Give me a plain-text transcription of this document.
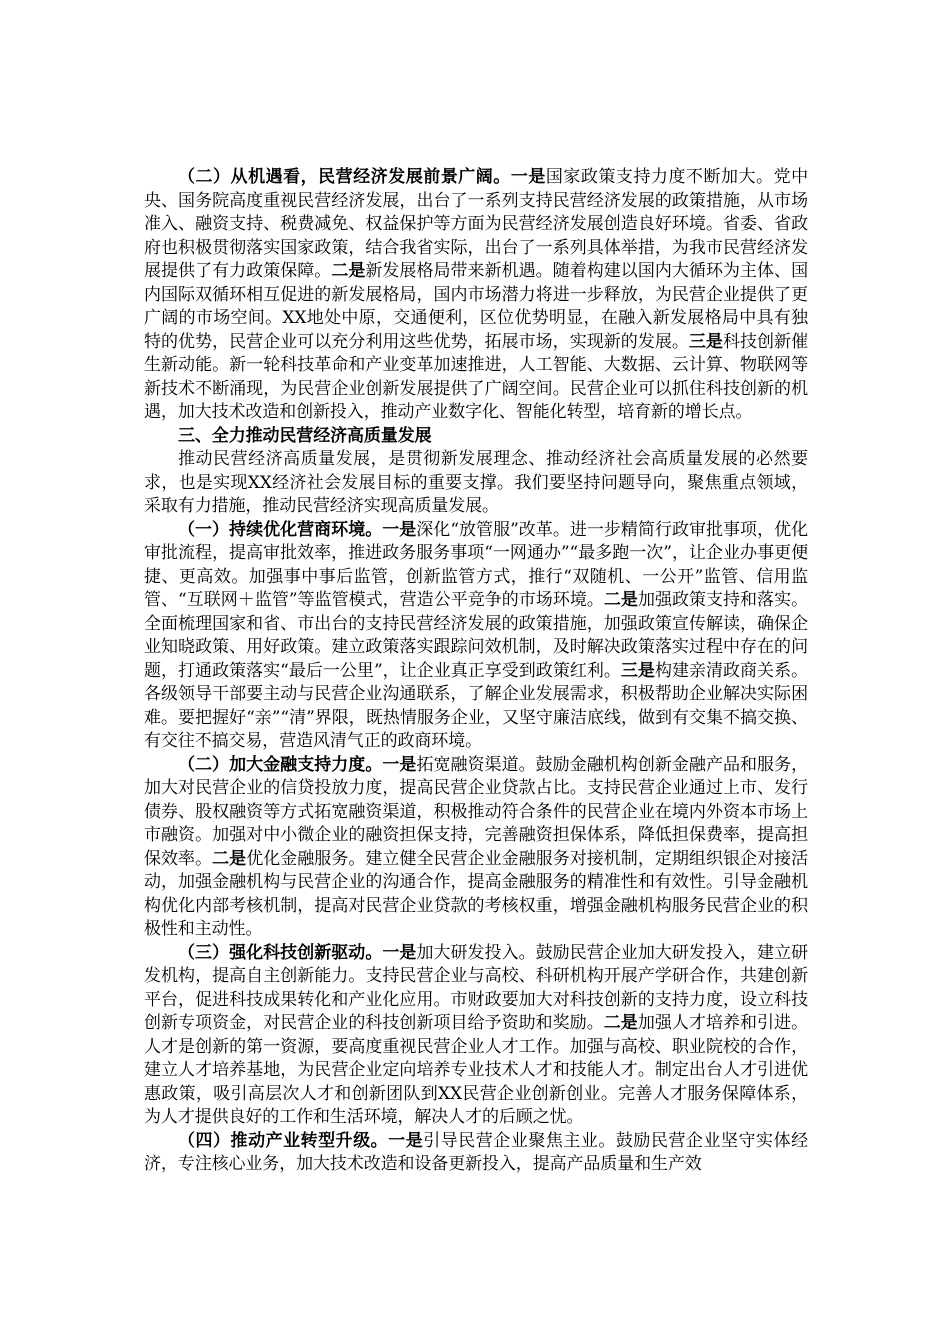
（二）从机遇看，民营经济发展前景广阔。一是国家政策支持力度不断加大。党中央、国务院高度重视民营经济发展，出台了一系列支持民营经济发展的政策措施，从市场准入、融资支持、税费减免、权益保护等方面为民营经济发展创造良好环境。省委、省政府也积极贯彻落实国家政策，结合我省实际，出台了一系列具体举措，为我市民营经济发展提供了有力政策保障。二是新发展格局带来新机遇。随着构建以国内大循环为主体、国内国际双循环相互促进的新发展格局，国内市场潜力将进一步释放，为民营企业提供了更广阔的市场空间。XX地处中原，交通便利，区位优势明显，在融入新发展格局中具有独特的优势，民营企业可以充分利用这些优势，拓展市场，实现新的发展。三是科技创新催生新动能。新一轮科技革命和产业变革加速推进，人工智能、大数据、云计算、物联网等新技术不断涌现，为民营企业创新发展提供了广阔空间。民营企业可以抓住科技创新的机遇，加大技术改造和创新投入，推动产业数字化、智能化转型，培育新的增长点。

三、全力推动民营经济高质量发展

推动民营经济高质量发展，是贯彻新发展理念、推动经济社会高质量发展的必然要求，也是实现XX经济社会发展目标的重要支撑。我们要坚持问题导向，聚焦重点领域，采取有力措施，推动民营经济实现高质量发展。

（一）持续优化营商环境。一是深化“放管服”改革。进一步精简行政审批事项，优化审批流程，提高审批效率，推进政务服务事项“一网通办”“最多跑一次”，让企业办事更便捷、更高效。加强事中事后监管，创新监管方式，推行“双随机、一公开”监管、信用监管、“互联网＋监管”等监管模式，营造公平竞争的市场环境。二是加强政策支持和落实。全面梳理国家和省、市出台的支持民营经济发展的政策措施，加强政策宣传解读，确保企业知晓政策、用好政策。建立政策落实跟踪问效机制，及时解决政策落实过程中存在的问题，打通政策落实“最后一公里”，让企业真正享受到政策红利。三是构建亲清政商关系。各级领导干部要主动与民营企业沟通联系，了解企业发展需求，积极帮助企业解决实际困难。要把握好“亲”“清”界限，既热情服务企业，又坚守廉洁底线，做到有交集不搞交换、有交往不搞交易，营造风清气正的政商环境。

（二）加大金融支持力度。一是拓宽融资渠道。鼓励金融机构创新金融产品和服务，加大对民营企业的信贷投放力度，提高民营企业贷款占比。支持民营企业通过上市、发行债券、股权融资等方式拓宽融资渠道，积极推动符合条件的民营企业在境内外资本市场上市融资。加强对中小微企业的融资担保支持，完善融资担保体系，降低担保费率，提高担保效率。二是优化金融服务。建立健全民营企业金融服务对接机制，定期组织银企对接活动，加强金融机构与民营企业的沟通合作，提高金融服务的精准性和有效性。引导金融机构优化内部考核机制，提高对民营企业贷款的考核权重，增强金融机构服务民营企业的积极性和主动性。

（三）强化科技创新驱动。一是加大研发投入。鼓励民营企业加大研发投入，建立研发机构，提高自主创新能力。支持民营企业与高校、科研机构开展产学研合作，共建创新平台，促进科技成果转化和产业化应用。市财政要加大对科技创新的支持力度，设立科技创新专项资金，对民营企业的科技创新项目给予资助和奖励。二是加强人才培养和引进。人才是创新的第一资源，要高度重视民营企业人才工作。加强与高校、职业院校的合作，建立人才培养基地，为民营企业定向培养专业技术人才和技能人才。制定出台人才引进优惠政策，吸引高层次人才和创新团队到XX民营企业创新创业。完善人才服务保障体系，为人才提供良好的工作和生活环境，解决人才的后顾之忧。

（四）推动产业转型升级。一是引导民营企业聚焦主业。鼓励民营企业坚守实体经济，专注核心业务，加大技术改造和设备更新投入，提高产品质量和生产效
